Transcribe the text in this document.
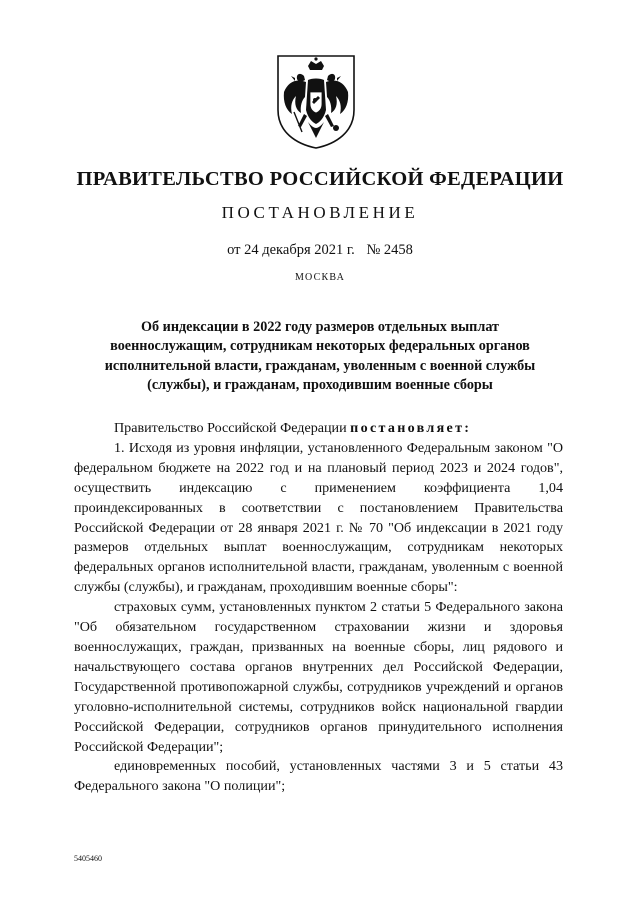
ПРАВИТЕЛЬСТВО РОССИЙСКОЙ ФЕДЕРАЦИИ
ПОСТАНОВЛЕНИЕ
от 24 декабря 2021 г. № 2458
МОСКВА
Об индексации в 2022 году размеров отдельных выплат военнослужащим, сотрудникам некоторых федеральных органов исполнительной власти, гражданам, уволенным с военной службы (службы), и гражданам, проходившим военные сборы

Правительство Российской Федерации постановляет:

1. Исходя из уровня инфляции, установленного Федеральным законом "О федеральном бюджете на 2022 год и на плановый период 2023 и 2024 годов", осуществить индексацию с применением коэффициента 1,04 проиндексированных в соответствии с постановлением Правительства Российской Федерации от 28 января 2021 г. № 70 "Об индексации в 2021 году размеров отдельных выплат военнослужащим, сотрудникам некоторых федеральных органов исполнительной власти, гражданам, уволенным с военной службы (службы), и гражданам, проходившим военные сборы":

страховых сумм, установленных пунктом 2 статьи 5 Федерального закона "Об обязательном государственном страховании жизни и здоровья военнослужащих, граждан, призванных на военные сборы, лиц рядового и начальствующего состава органов внутренних дел Российской Федерации, Государственной противопожарной службы, сотрудников учреждений и органов уголовно-исполнительной системы, сотрудников войск национальной гвардии Российской Федерации, сотрудников органов принудительного исполнения Российской Федерации";

единовременных пособий, установленных частями 3 и 5 статьи 43 Федерального закона "О полиции";

5405460
